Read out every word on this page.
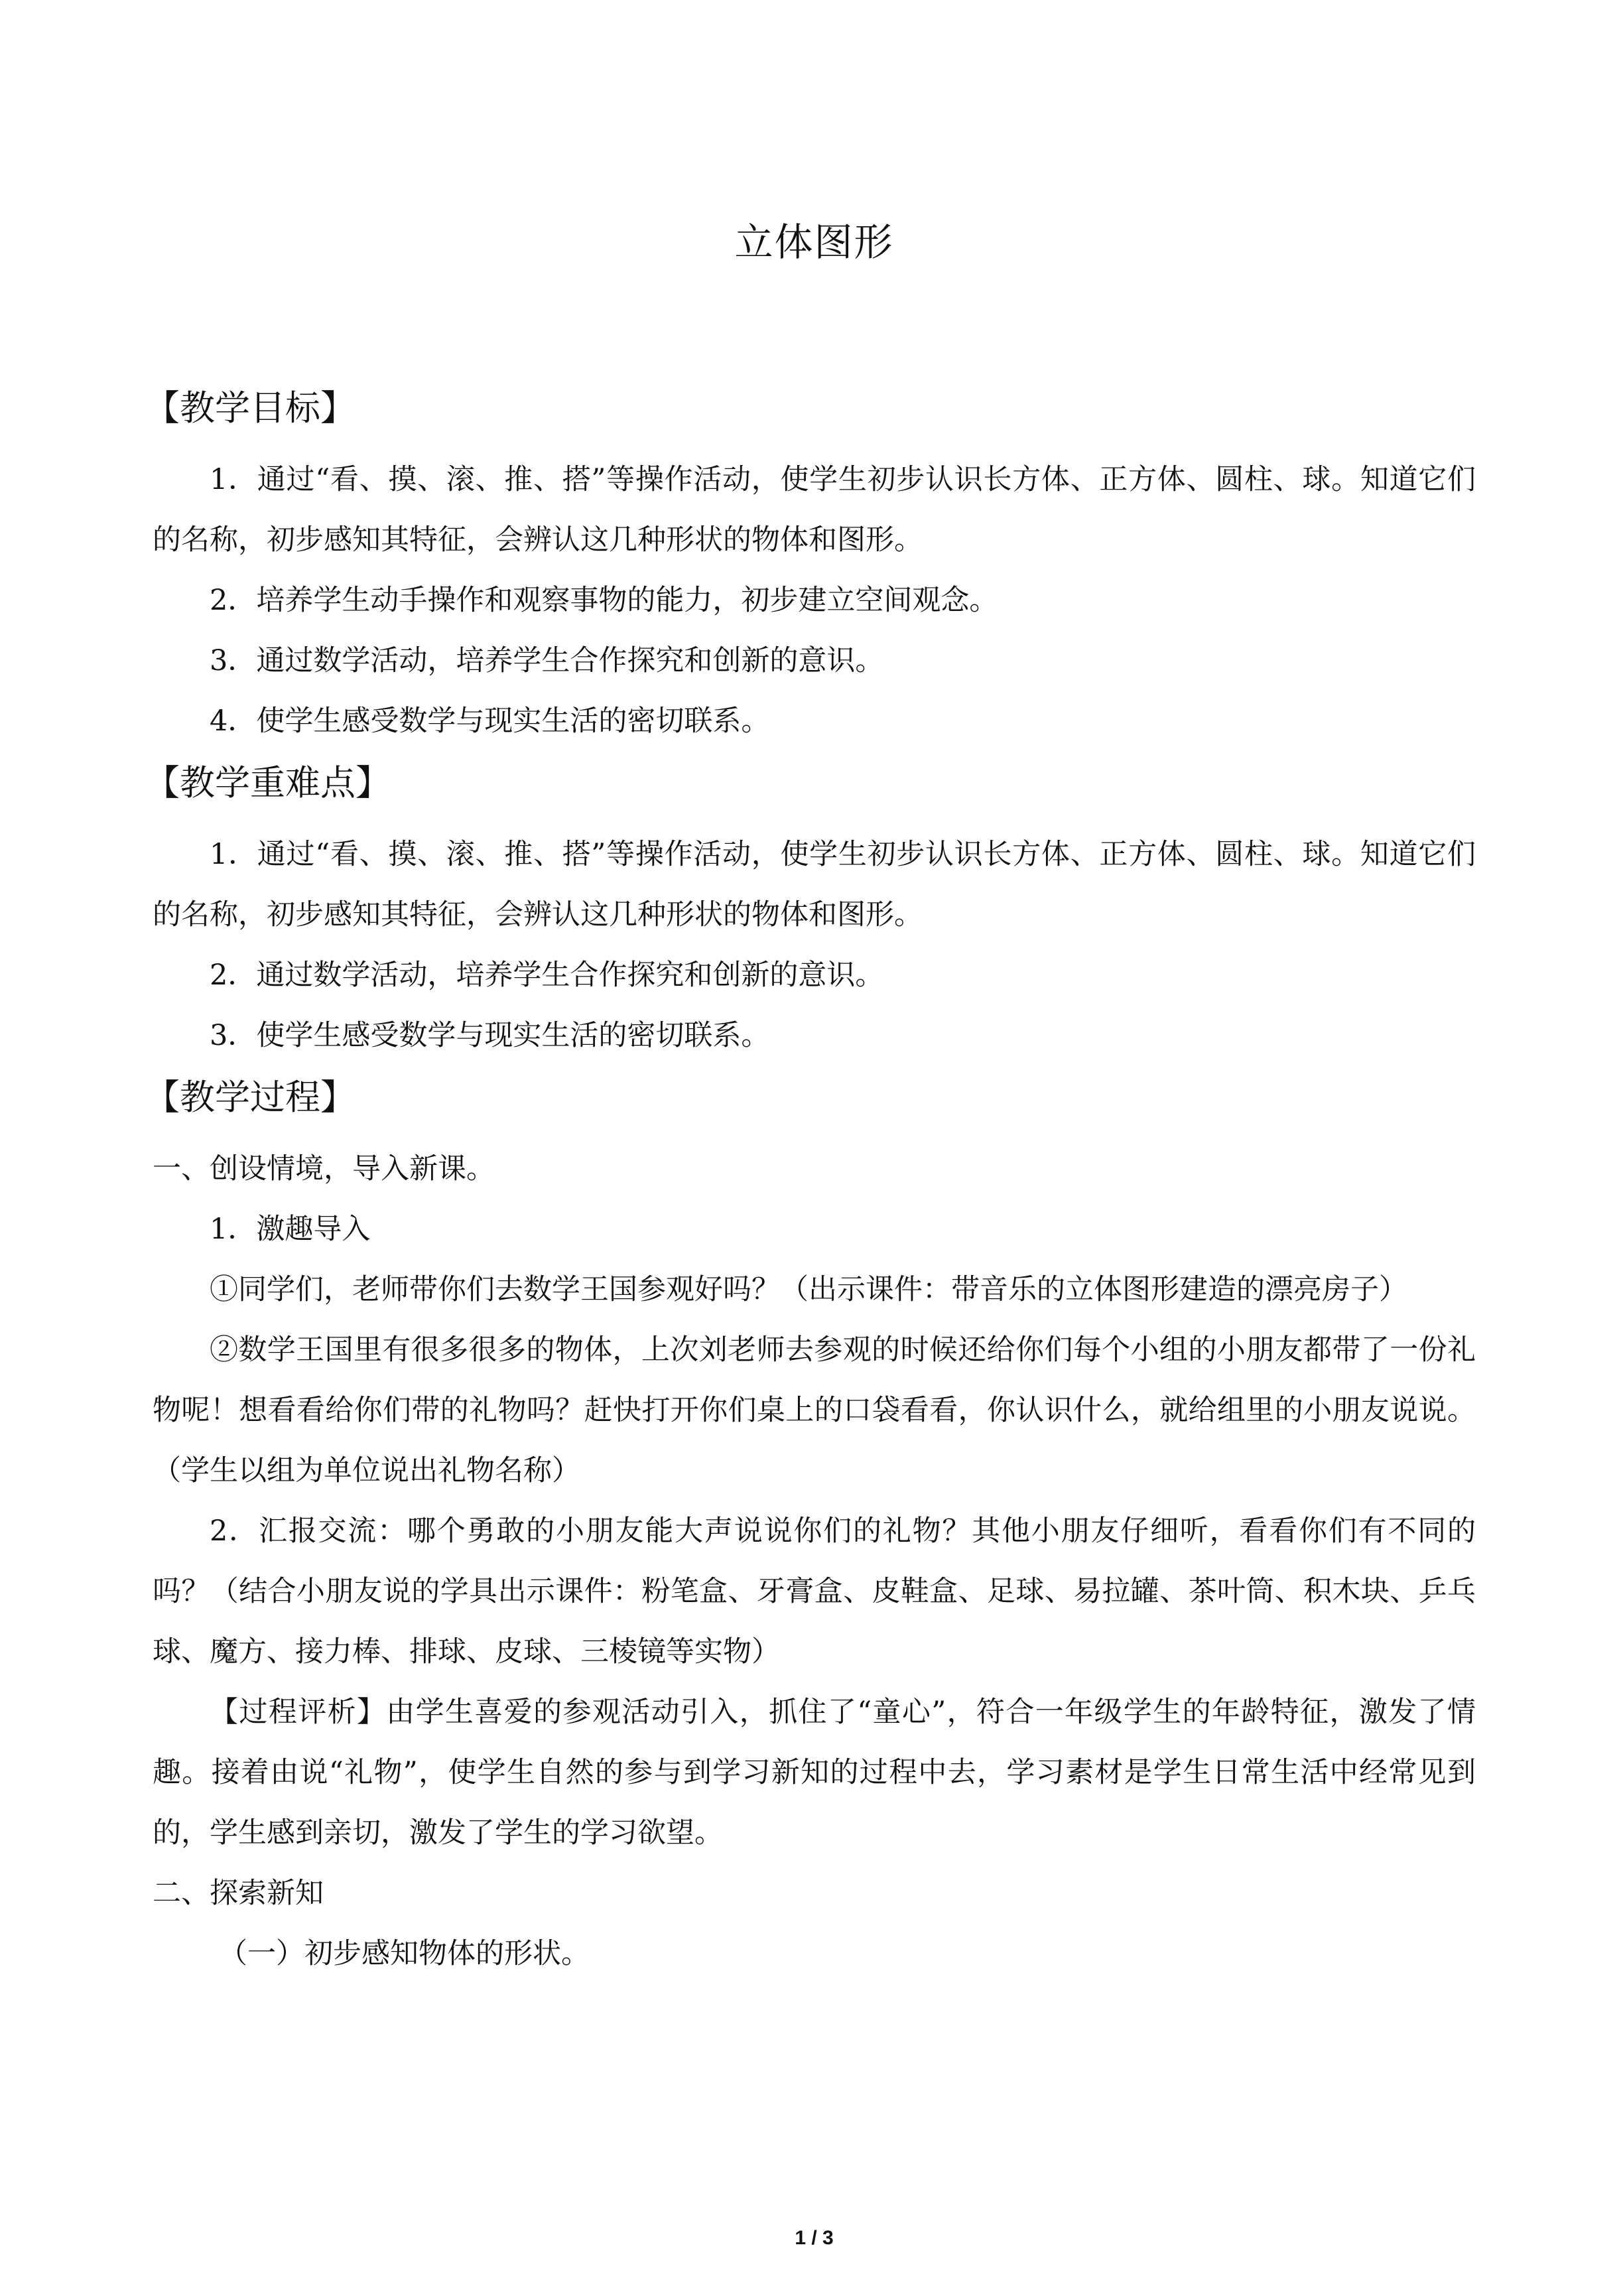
立体图形
【教学目标】

1．通过“看、摸、滚、推、搭”等操作活动，使学生初步认识长方体、正方体、圆柱、球。知道它们的名称，初步感知其特征，会辨认这几种形状的物体和图形。

2．培养学生动手操作和观察事物的能力，初步建立空间观念。

3．通过数学活动，培养学生合作探究和创新的意识。

4．使学生感受数学与现实生活的密切联系。

【教学重难点】

1．通过“看、摸、滚、推、搭”等操作活动，使学生初步认识长方体、正方体、圆柱、球。知道它们的名称，初步感知其特征，会辨认这几种形状的物体和图形。

2．通过数学活动，培养学生合作探究和创新的意识。

3．使学生感受数学与现实生活的密切联系。

【教学过程】

一、创设情境，导入新课。

1．激趣导入

①同学们，老师带你们去数学王国参观好吗？（出示课件：带音乐的立体图形建造的漂亮房子）

②数学王国里有很多很多的物体，上次刘老师去参观的时候还给你们每个小组的小朋友都带了一份礼物呢！想看看给你们带的礼物吗？赶快打开你们桌上的口袋看看，你认识什么，就给组里的小朋友说说。（学生以组为单位说出礼物名称）

2．汇报交流：哪个勇敢的小朋友能大声说说你们的礼物？其他小朋友仔细听，看看你们有不同的吗？（结合小朋友说的学具出示课件：粉笔盒、牙膏盒、皮鞋盒、足球、易拉罐、茶叶筒、积木块、乒乓球、魔方、接力棒、排球、皮球、三棱镜等实物）

【过程评析】由学生喜爱的参观活动引入，抓住了“童心”，符合一年级学生的年龄特征，激发了情趣。接着由说“礼物”，使学生自然的参与到学习新知的过程中去，学习素材是学生日常生活中经常见到的，学生感到亲切，激发了学生的学习欲望。

二、探索新知

（一）初步感知物体的形状。

1 / 3
